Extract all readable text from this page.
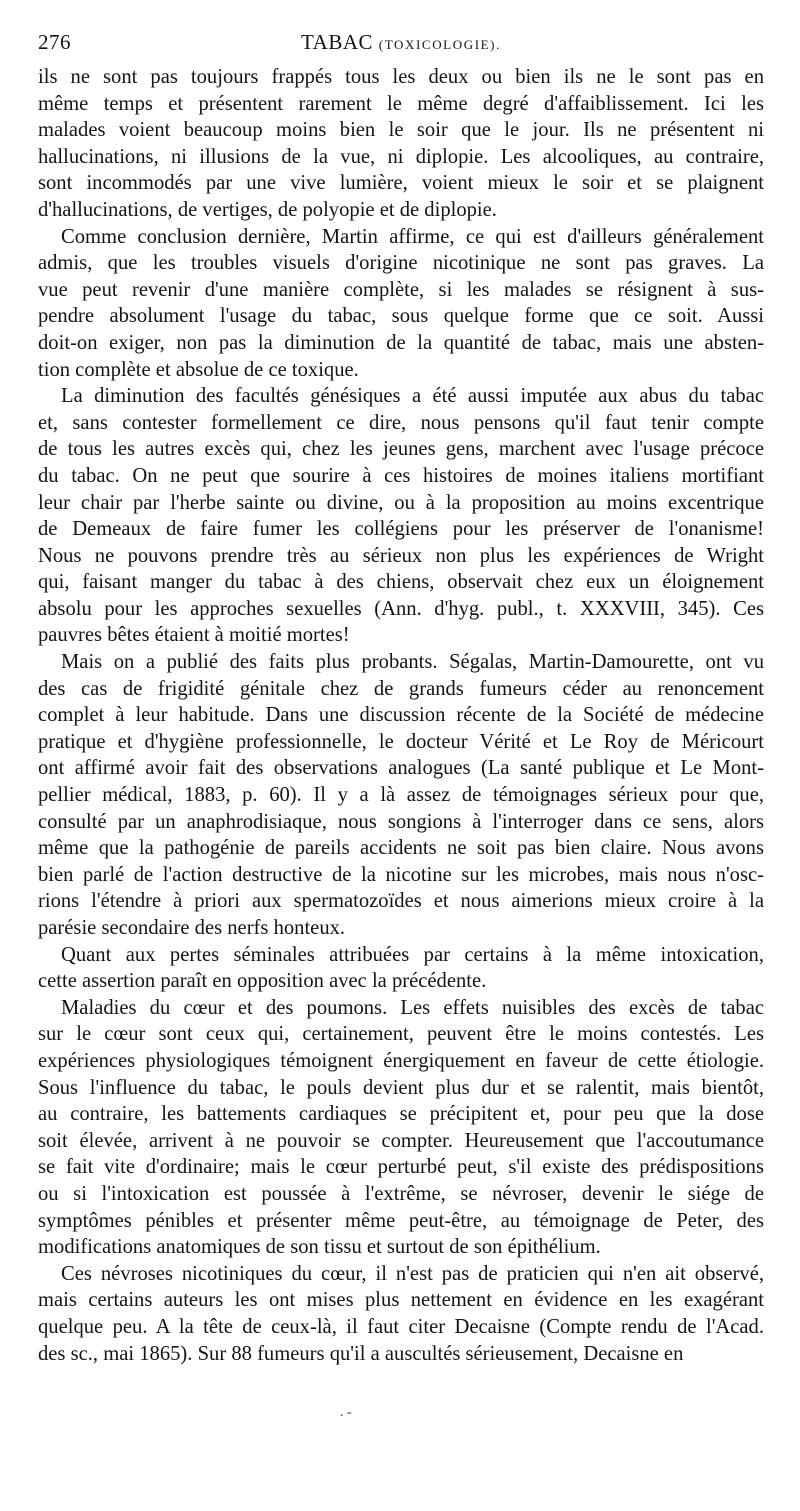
276	TABAC (TOXICOLOGIE).

ils ne sont pas toujours frappés tous les deux ou bien ils ne le sont pas en
même temps et présentent rarement le même degré d'affaiblissement. Ici les
malades voient beaucoup moins bien le soir que le jour. Ils ne présentent ni
hallucinations, ni illusions de la vue, ni diplopie. Les alcooliques, au contraire,
sont incommodés par une vive lumière, voient mieux le soir et se plaignent
d'hallucinations, de vertiges, de polyopie et de diplopie.

Comme conclusion dernière, Martin affirme, ce qui est d'ailleurs généralement
admis, que les troubles visuels d'origine nicotinique ne sont pas graves. La
vue peut revenir d'une manière complète, si les malades se résignent à sus-
pendre absolument l'usage du tabac, sous quelque forme que ce soit. Aussi
doit-on exiger, non pas la diminution de la quantité de tabac, mais une absten-
tion complète et absolue de ce toxique.

La diminution des facultés génésiques a été aussi imputée aux abus du tabac
et, sans contester formellement ce dire, nous pensons qu'il faut tenir compte
de tous les autres excès qui, chez les jeunes gens, marchent avec l'usage précoce
du tabac. On ne peut que sourire à ces histoires de moines italiens mortifiant
leur chair par l'herbe sainte ou divine, ou à la proposition au moins excentrique
de Demeaux de faire fumer les collégiens pour les préserver de l'onanisme!
Nous ne pouvons prendre très au sérieux non plus les expériences de Wright
qui, faisant manger du tabac à des chiens, observait chez eux un éloignement
absolu pour les approches sexuelles (Ann. d'hyg. publ., t. XXXVIII, 345). Ces
pauvres bêtes étaient à moitié mortes!

Mais on a publié des faits plus probants. Ségalas, Martin-Damourette, ont vu
des cas de frigidité génitale chez de grands fumeurs céder au renoncement
complet à leur habitude. Dans une discussion récente de la Société de médecine
pratique et d'hygiène professionnelle, le docteur Vérité et Le Roy de Méricourt
ont affirmé avoir fait des observations analogues (La santé publique et Le Mont-
pellier médical, 1883, p. 60). Il y a là assez de témoignages sérieux pour que,
consulté par un anaphrodisiaque, nous songions à l'interroger dans ce sens, alors
même que la pathogénie de pareils accidents ne soit pas bien claire. Nous avons
bien parlé de l'action destructive de la nicotine sur les microbes, mais nous n'osc-
rions l'étendre à priori aux spermatozoïdes et nous aimerions mieux croire à la
parésie secondaire des nerfs honteux.

Quant aux pertes séminales attribuées par certains à la même intoxication,
cette assertion paraît en opposition avec la précédente.

Maladies du cœur et des poumons. Les effets nuisibles des excès de tabac
sur le cœur sont ceux qui, certainement, peuvent être le moins contestés. Les
expériences physiologiques témoignent énergiquement en faveur de cette étiologie.
Sous l'influence du tabac, le pouls devient plus dur et se ralentit, mais bientôt,
au contraire, les battements cardiaques se précipitent et, pour peu que la dose
soit élevée, arrivent à ne pouvoir se compter. Heureusement que l'accoutumance
se fait vite d'ordinaire; mais le cœur perturbé peut, s'il existe des prédispositions
ou si l'intoxication est poussée à l'extrême, se névroser, devenir le siége de
symptômes pénibles et présenter même peut-être, au témoignage de Peter, des
modifications anatomiques de son tissu et surtout de son épithélium.

Ces névroses nicotiniques du cœur, il n'est pas de praticien qui n'en ait observé,
mais certains auteurs les ont mises plus nettement en évidence en les exagérant
quelque peu. A la tête de ceux-là, il faut citer Decaisne (Compte rendu de l'Acad.
des sc., mai 1865). Sur 88 fumeurs qu'il a auscultés sérieusement, Decaisne en

. -
